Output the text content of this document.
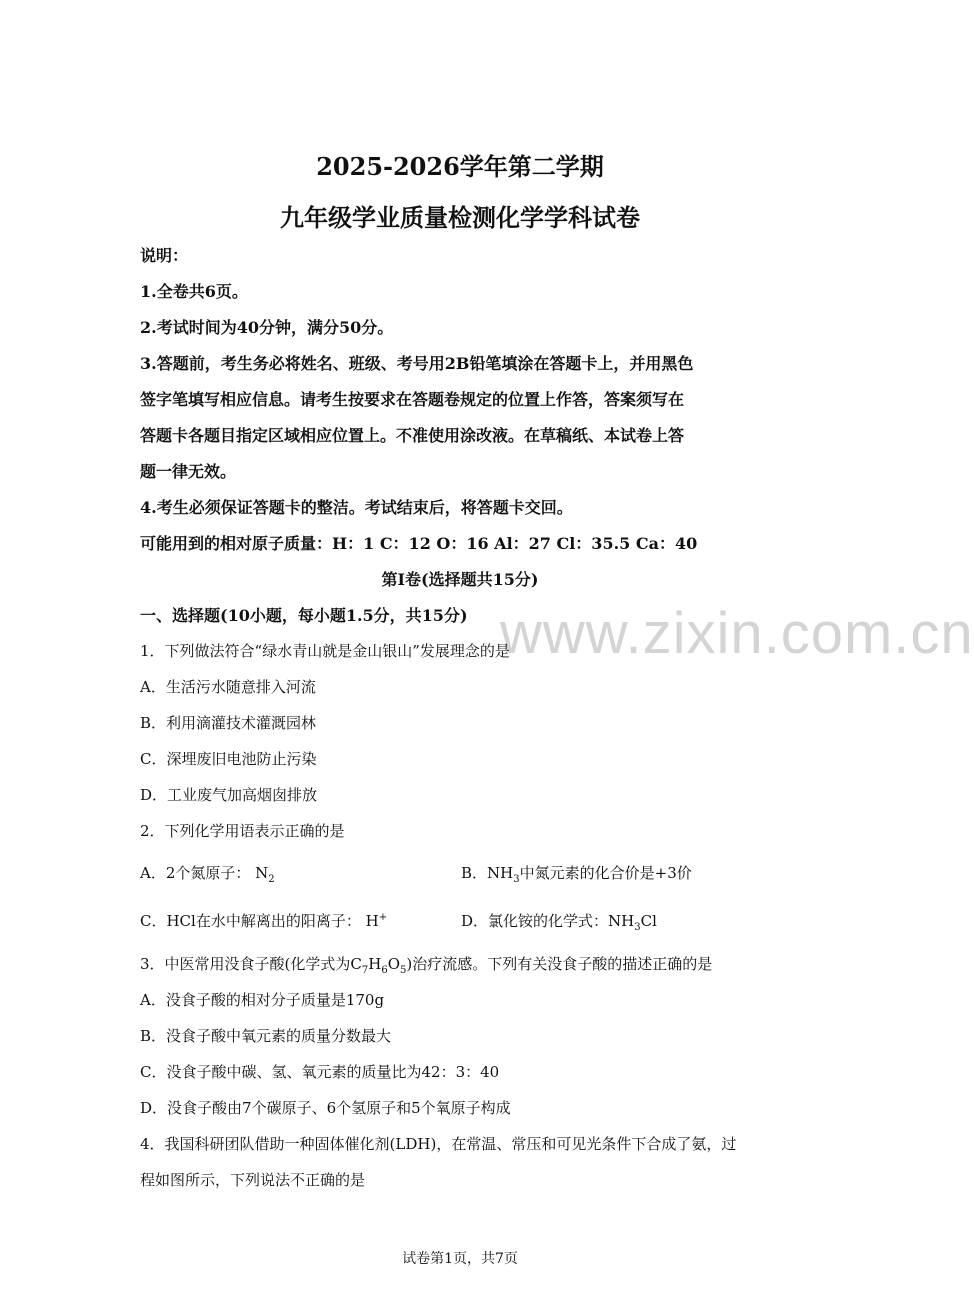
www.zixin.com.cn
2025-2026学年第二学期
九年级学业质量检测化学学科试卷
说明：
1.全卷共6页。
2.考试时间为40分钟，满分50分。
3.答题前，考生务必将姓名、班级、考号用2B铅笔填涂在答题卡上，并用黑色
签字笔填写相应信息。请考生按要求在答题卷规定的位置上作答，答案须写在
答题卡各题目指定区域相应位置上。不准使用涂改液。在草稿纸、本试卷上答
题一律无效。
4.考生必须保证答题卡的整洁。考试结束后，将答题卡交回。
可能用到的相对原子质量：H：1 C：12 O：16 Al：27 Cl：35.5 Ca：40
第Ⅰ卷(选择题共15分)
一、选择题(10小题，每小题1.5分，共15分)
1．下列做法符合“绿水青山就是金山银山”发展理念的是
A．生活污水随意排入河流
B．利用滴灌技术灌溉园林
C．深埋废旧电池防止污染
D．工业废气加高烟囱排放
2．下列化学用语表示正确的是
A．2个氮原子： $N_2$	B．$NH_3$中氮元素的化合价是+3价
C．HCl在水中解离出的阳离子： H+	D．氯化铵的化学式：$NH_3Cl$
3．中医常用没食子酸(化学式为$C_7H_6O_5$)治疗流感。下列有关没食子酸的描述正确的是
A．没食子酸的相对分子质量是170g
B．没食子酸中氧元素的质量分数最大
C．没食子酸中碳、氢、氧元素的质量比为42：3：40
D．没食子酸由7个碳原子、6个氢原子和5个氧原子构成
4．我国科研团队借助一种固体催化剂(LDH)，在常温、常压和可见光条件下合成了氨，过
程如图所示，下列说法不正确的是
试卷第1页，共7页
